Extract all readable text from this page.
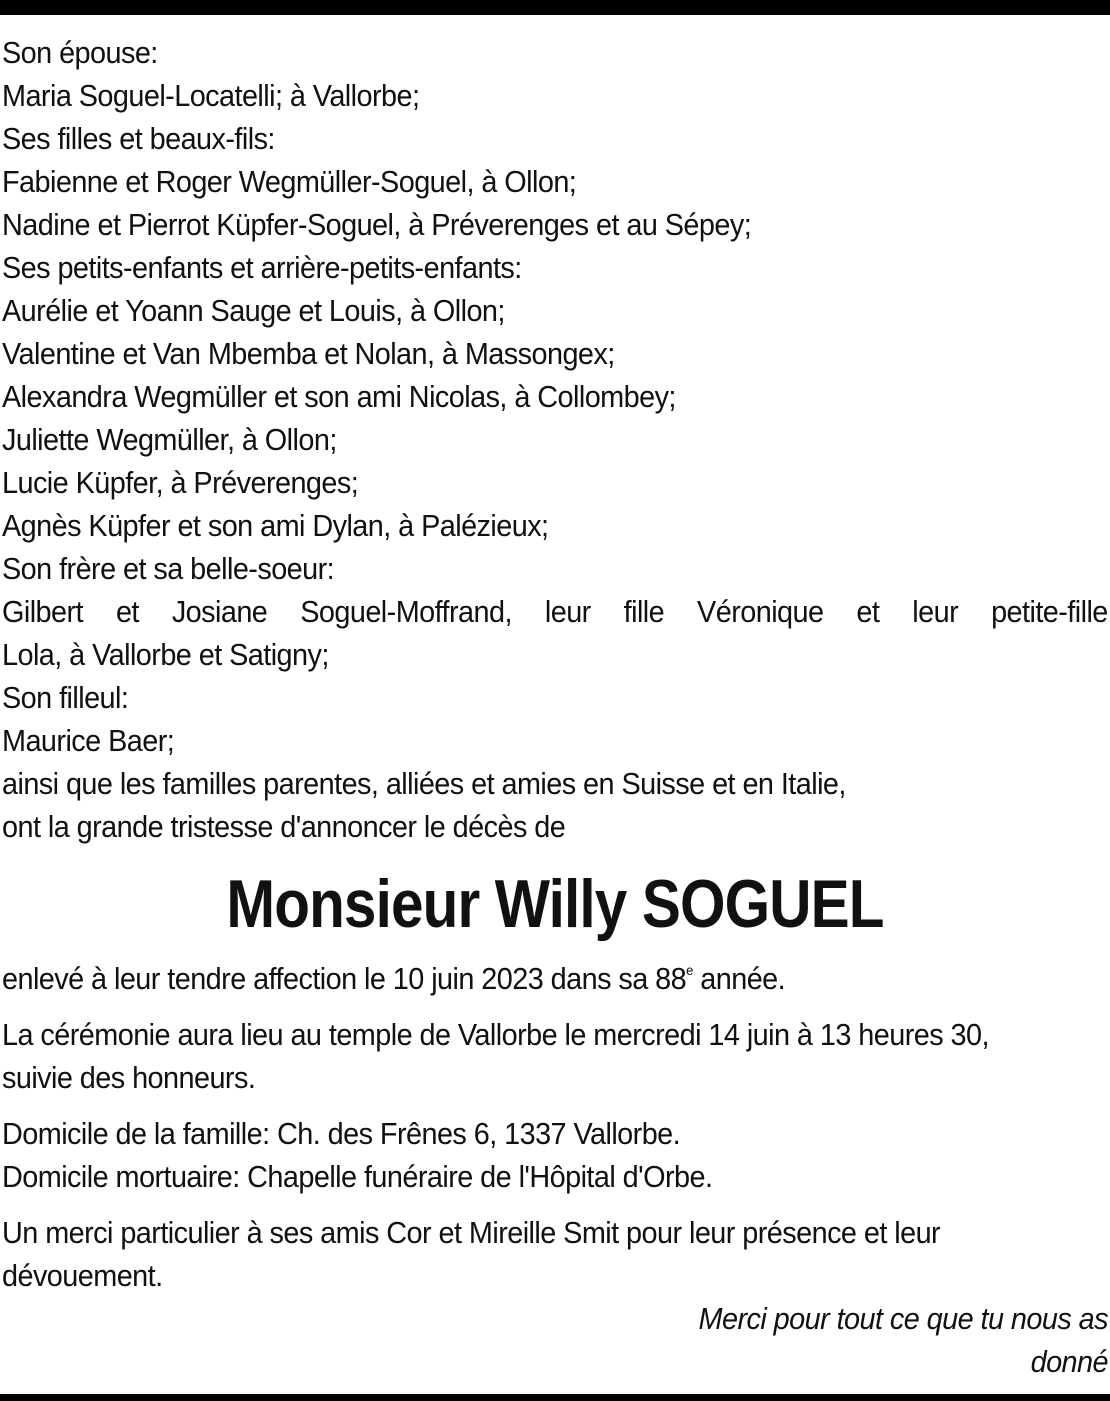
Son épouse:
Maria Soguel-Locatelli; à Vallorbe;
Ses filles et beaux-fils:
Fabienne et Roger Wegmüller-Soguel, à Ollon;
Nadine et Pierrot Küpfer-Soguel, à Préverenges et au Sépey;
Ses petits-enfants et arrière-petits-enfants:
Aurélie et Yoann Sauge et Louis, à Ollon;
Valentine et Van Mbemba et Nolan, à Massongex;
Alexandra Wegmüller et son ami Nicolas, à Collombey;
Juliette Wegmüller, à Ollon;
Lucie Küpfer, à Préverenges;
Agnès Küpfer et son ami Dylan, à Palézieux;
Son frère et sa belle-soeur:
Gilbert et Josiane Soguel-Moffrand, leur fille Véronique et leur petite-fille
Lola, à Vallorbe et Satigny;
Son filleul:
Maurice Baer;
ainsi que les familles parentes, alliées et amies en Suisse et en Italie,
ont la grande tristesse d'annoncer le décès de
Monsieur Willy SOGUEL
enlevé à leur tendre affection le 10 juin 2023 dans sa 88e année.
La cérémonie aura lieu au temple de Vallorbe le mercredi 14 juin à 13 heures 30,
suivie des honneurs.
Domicile de la famille: Ch. des Frênes 6, 1337 Vallorbe.
Domicile mortuaire: Chapelle funéraire de l'Hôpital d'Orbe.
Un merci particulier à ses amis Cor et Mireille Smit pour leur présence et leur
dévouement.
Merci pour tout ce que tu nous as
donné
